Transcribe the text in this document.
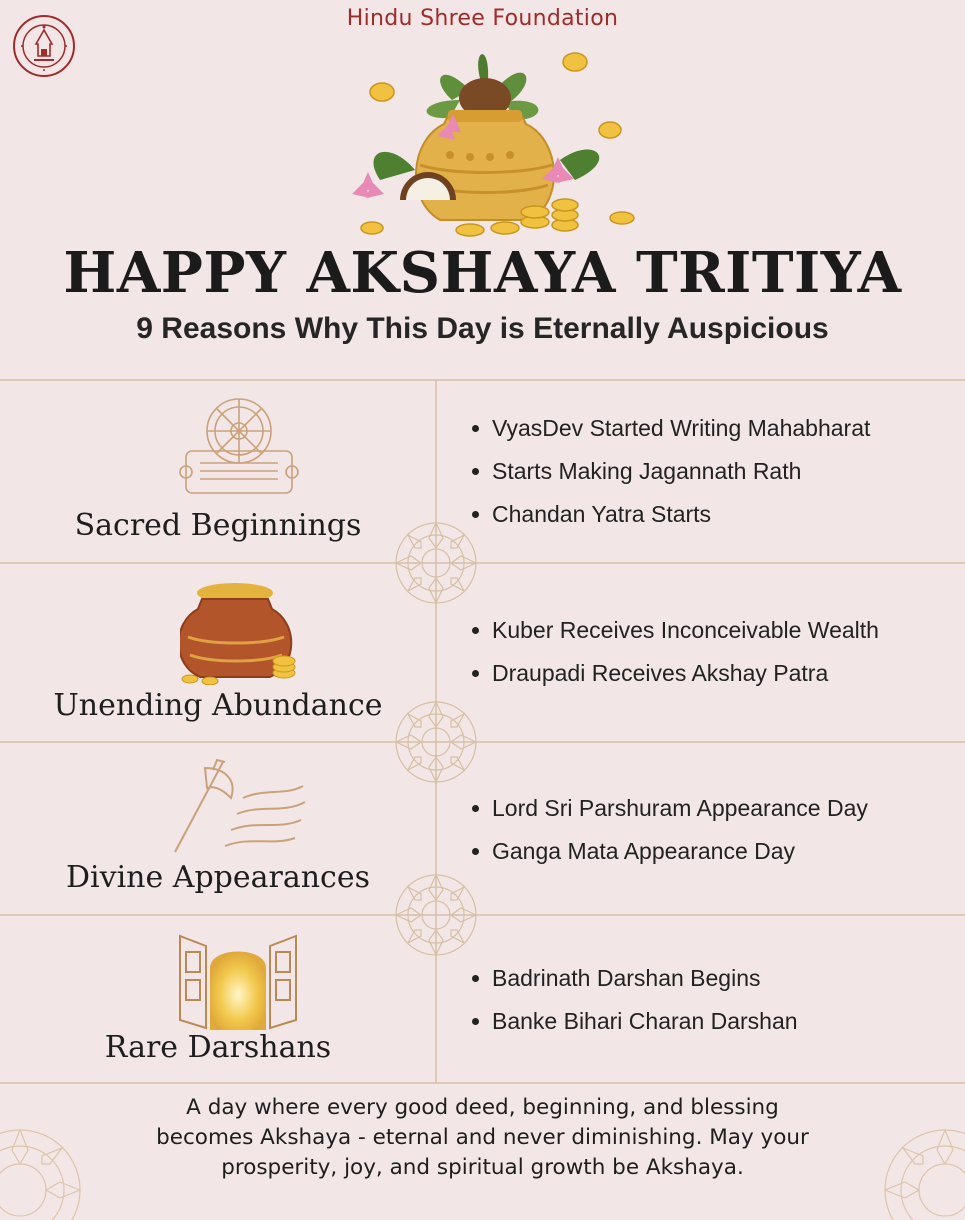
Hindu Shree Foundation
HAPPY AKSHAYA TRITIYA
9 Reasons Why This Day is Eternally Auspicious
Sacred Beginnings
VyasDev Started Writing Mahabharat
Starts Making Jagannath Rath
Chandan Yatra Starts
Unending Abundance
Kuber Receives Inconceivable Wealth
Draupadi Receives Akshay Patra
Divine Appearances
Lord Sri Parshuram Appearance Day
Ganga Mata Appearance Day
Rare Darshans
Badrinath Darshan Begins
Banke Bihari Charan Darshan
A day where every good deed, beginning, and blessing
becomes Akshaya - eternal and never diminishing. May your
prosperity, joy, and spiritual growth be Akshaya.
